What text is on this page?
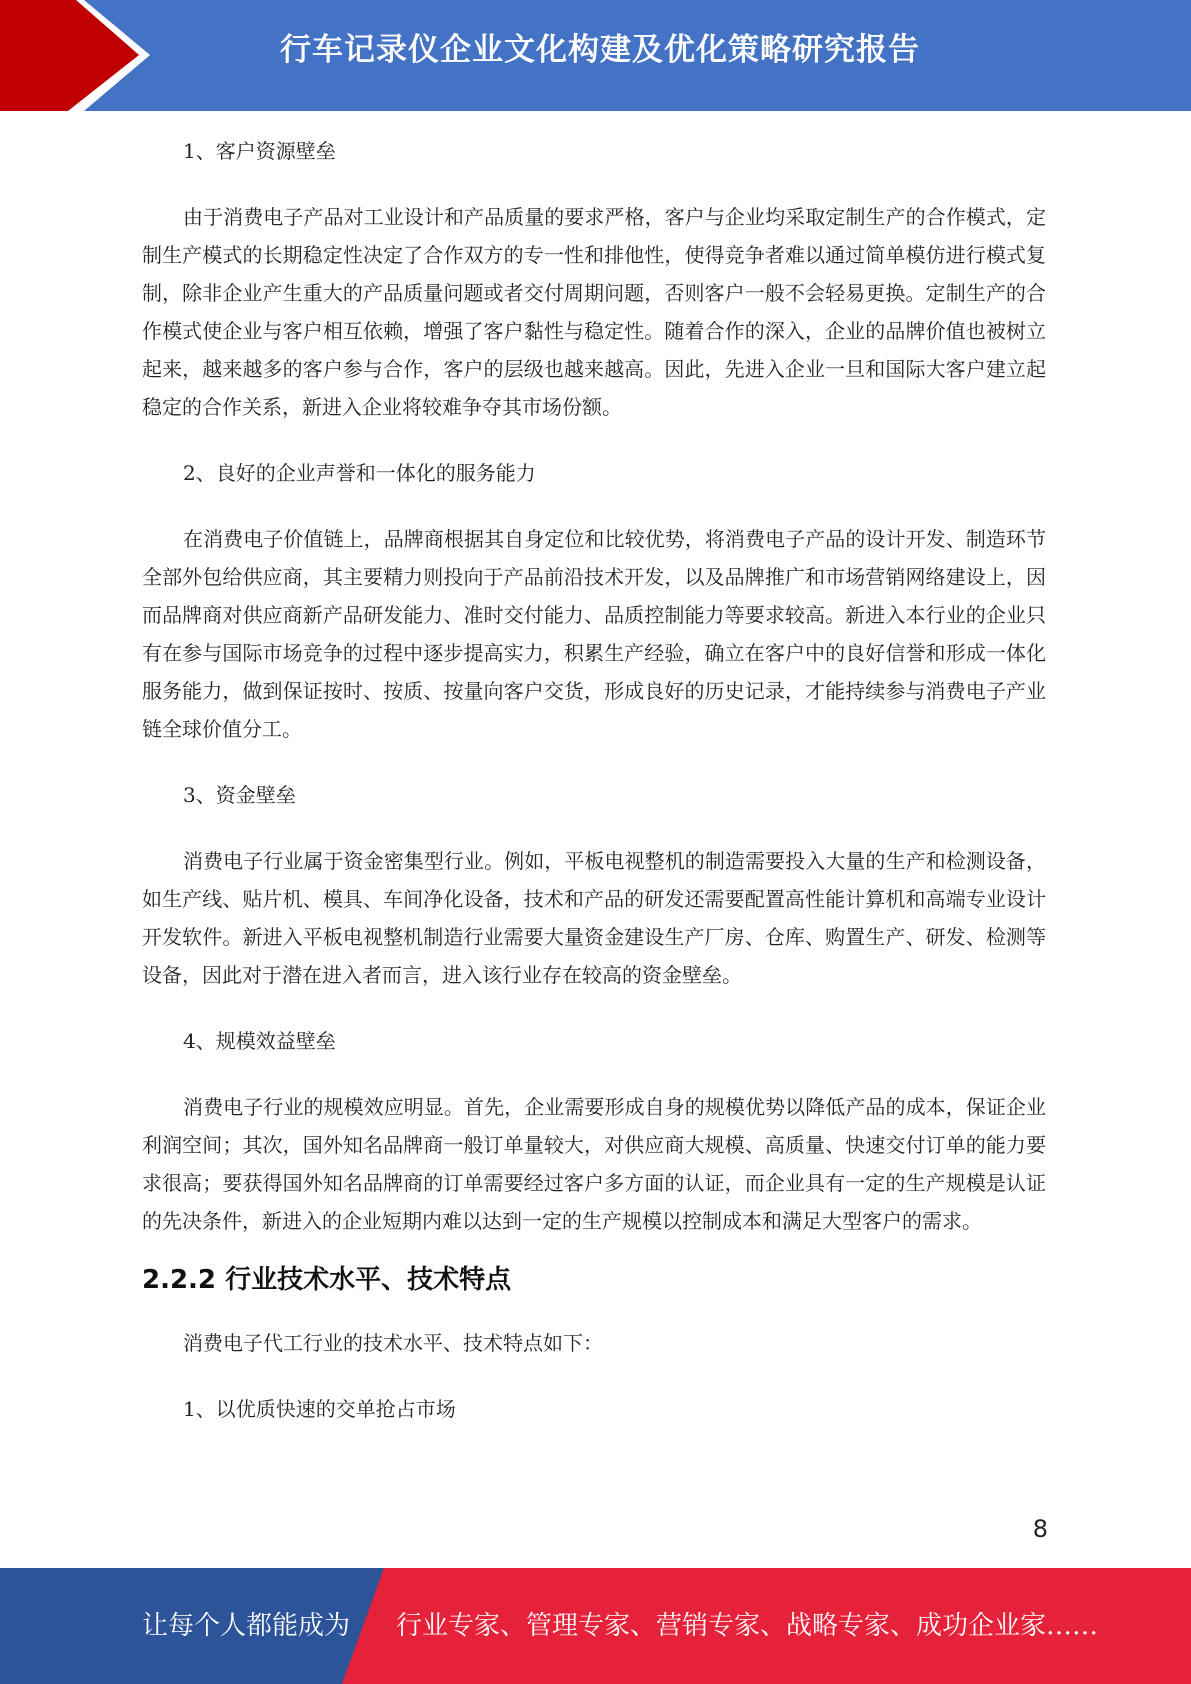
行车记录仪企业文化构建及优化策略研究报告

1、客户资源壁垒

由于消费电子产品对工业设计和产品质量的要求严格，客户与企业均采取定制生产的合作模式，定制生产模式的长期稳定性决定了合作双方的专一性和排他性，使得竞争者难以通过简单模仿进行模式复制，除非企业产生重大的产品质量问题或者交付周期问题，否则客户一般不会轻易更换。定制生产的合作模式使企业与客户相互依赖，增强了客户黏性与稳定性。随着合作的深入，企业的品牌价值也被树立起来，越来越多的客户参与合作，客户的层级也越来越高。因此，先进入企业一旦和国际大客户建立起稳定的合作关系，新进入企业将较难争夺其市场份额。

2、良好的企业声誉和一体化的服务能力

在消费电子价值链上，品牌商根据其自身定位和比较优势，将消费电子产品的设计开发、制造环节全部外包给供应商，其主要精力则投向于产品前沿技术开发，以及品牌推广和市场营销网络建设上，因而品牌商对供应商新产品研发能力、准时交付能力、品质控制能力等要求较高。新进入本行业的企业只有在参与国际市场竞争的过程中逐步提高实力，积累生产经验，确立在客户中的良好信誉和形成一体化服务能力，做到保证按时、按质、按量向客户交货，形成良好的历史记录，才能持续参与消费电子产业链全球价值分工。

3、资金壁垒

消费电子行业属于资金密集型行业。例如，平板电视整机的制造需要投入大量的生产和检测设备，如生产线、贴片机、模具、车间净化设备，技术和产品的研发还需要配置高性能计算机和高端专业设计开发软件。新进入平板电视整机制造行业需要大量资金建设生产厂房、仓库、购置生产、研发、检测等设备，因此对于潜在进入者而言，进入该行业存在较高的资金壁垒。

4、规模效益壁垒

消费电子行业的规模效应明显。首先，企业需要形成自身的规模优势以降低产品的成本，保证企业利润空间；其次，国外知名品牌商一般订单量较大，对供应商大规模、高质量、快速交付订单的能力要求很高；要获得国外知名品牌商的订单需要经过客户多方面的认证，而企业具有一定的生产规模是认证的先决条件，新进入的企业短期内难以达到一定的生产规模以控制成本和满足大型客户的需求。

2.2.2 行业技术水平、技术特点

消费电子代工行业的技术水平、技术特点如下：

1、以优质快速的交单抢占市场

8
让每个人都能成为 行业专家、管理专家、营销专家、战略专家、成功企业家……
